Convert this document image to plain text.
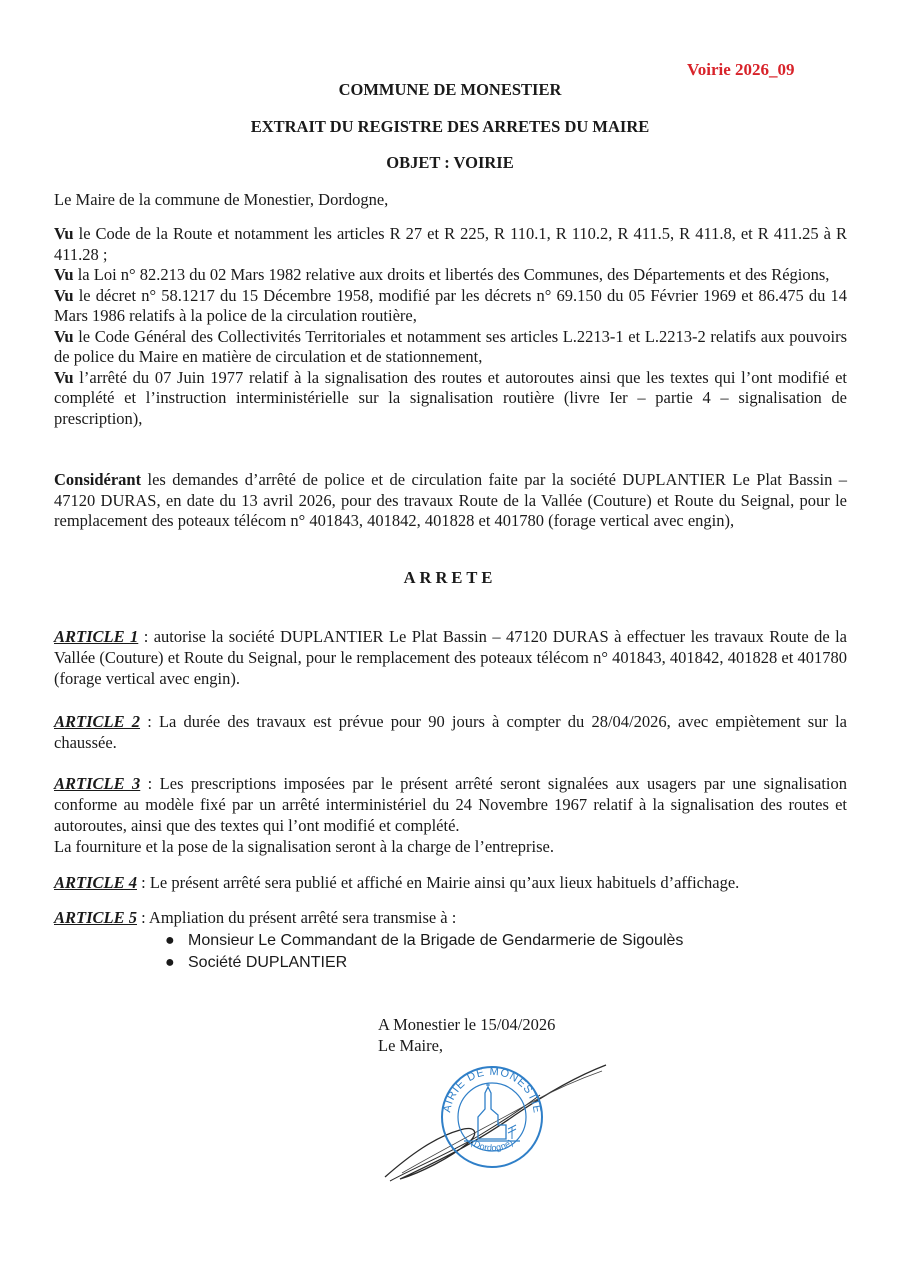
Voirie 2026_09
COMMUNE DE MONESTIER
EXTRAIT DU REGISTRE DES ARRETES DU MAIRE
OBJET : VOIRIE

Le Maire de la commune de Monestier, Dordogne,

Vu le Code de la Route et notamment les articles R 27 et R 225, R 110.1, R 110.2, R 411.5, R 411.8, et R 411.25 à R 411.28 ;

Vu la Loi n° 82.213 du 02 Mars 1982 relative aux droits et libertés des Communes, des Départements et des Régions,

Vu le décret n° 58.1217 du 15 Décembre 1958, modifié par les décrets n° 69.150 du 05 Février 1969 et 86.475 du 14 Mars 1986 relatifs à la police de la circulation routière,

Vu le Code Général des Collectivités Territoriales et notamment ses articles L.2213-1 et L.2213-2 relatifs aux pouvoirs de police du Maire en matière de circulation et de stationnement,

Vu l’arrêté du 07 Juin 1977 relatif à la signalisation des routes et autoroutes ainsi que les textes qui l’ont modifié et complété et l’instruction interministérielle sur la signalisation routière (livre Ier – partie 4 – signalisation de prescription),

Considérant les demandes d’arrêté de police et de circulation faite par la société DUPLANTIER Le Plat Bassin – 47120 DURAS, en date du 13 avril 2026, pour des travaux Route de la Vallée (Couture) et Route du Seignal, pour le remplacement des poteaux télécom n° 401843, 401842, 401828 et 401780 (forage vertical avec engin),

ARRETE
ARTICLE 1 : autorise la société DUPLANTIER Le Plat Bassin – 47120 DURAS à effectuer les travaux Route de la Vallée (Couture) et Route du Seignal, pour le remplacement des poteaux télécom n° 401843, 401842, 401828 et 401780 (forage vertical avec engin).
ARTICLE 2 : La durée des travaux est prévue pour 90 jours à compter du 28/04/2026, avec empiètement sur la chaussée.
ARTICLE 3 : Les prescriptions imposées par le présent arrêté seront signalées aux usagers par une signalisation conforme au modèle fixé par un arrêté interministériel du 24 Novembre 1967 relatif à la signalisation des routes et autoroutes, ainsi que des textes qui l’ont modifié et complété.
La fourniture et la pose de la signalisation seront à la charge de l’entreprise.
ARTICLE 4 : Le présent arrêté sera publié et affiché en Mairie ainsi qu’aux lieux habituels d’affichage.
ARTICLE 5 : Ampliation du présent arrêté sera transmise à :
● Monsieur Le Commandant de la Brigade de Gendarmerie de Sigoulès
● Société DUPLANTIER
A Monestier le 15/04/2026
Le Maire,
MAIRIE DE MONESTIER
(Dordogne)
